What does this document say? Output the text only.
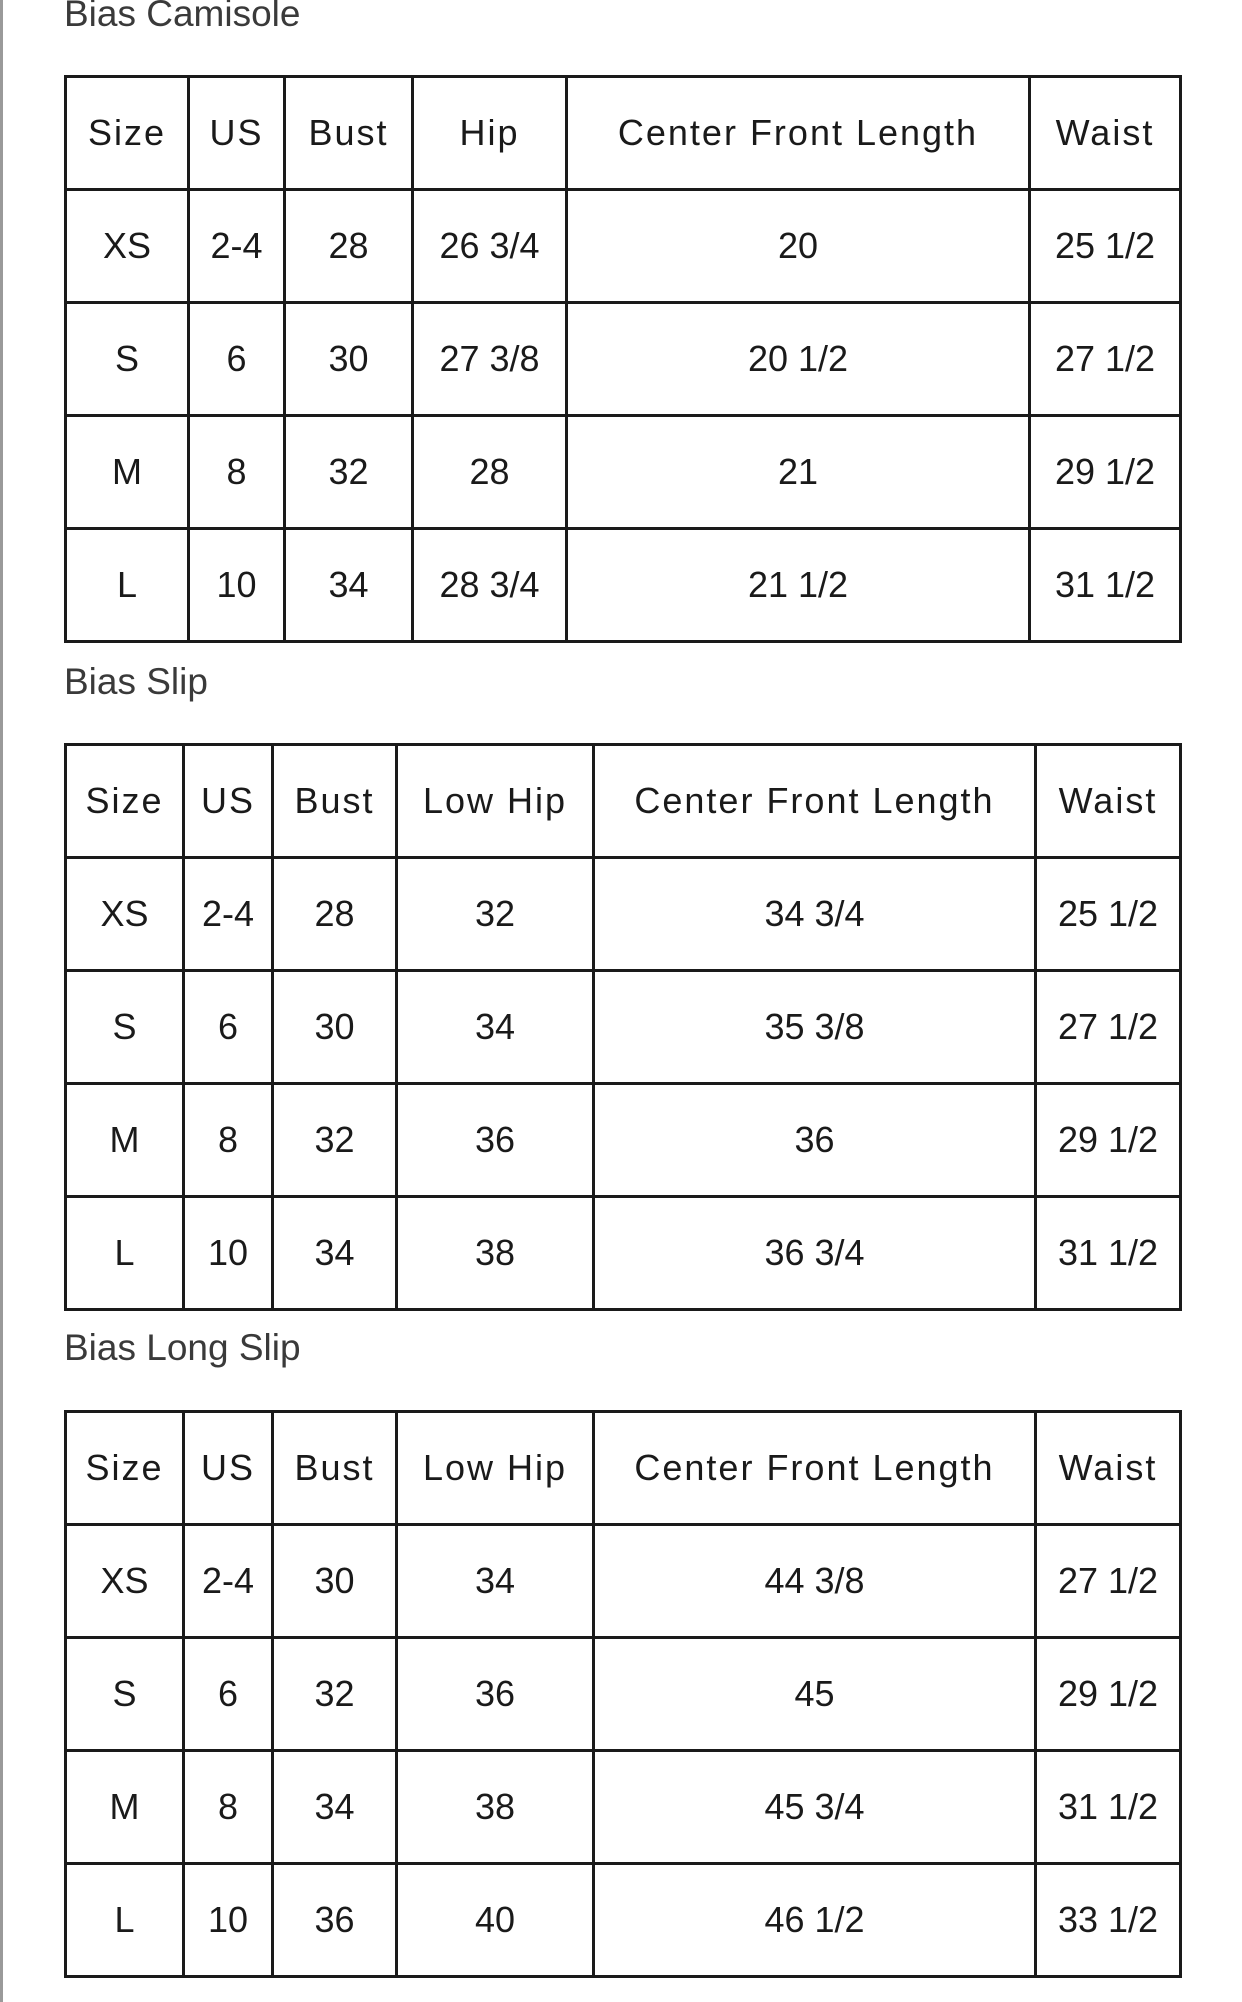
Bias Camisole
Size	US	Bust	Hip	Center Front Length	Waist
XS	2-4	28	26 3/4	20	25 1/2
S	6	30	27 3/8	20 1/2	27 1/2
M	8	32	28	21	29 1/2
L	10	34	28 3/4	21 1/2	31 1/2
Bias Slip
Size	US	Bust	Low Hip	Center Front Length	Waist
XS	2-4	28	32	34 3/4	25 1/2
S	6	30	34	35 3/8	27 1/2
M	8	32	36	36	29 1/2
L	10	34	38	36 3/4	31 1/2
Bias Long Slip
Size	US	Bust	Low Hip	Center Front Length	Waist
XS	2-4	30	34	44 3/8	27 1/2
S	6	32	36	45	29 1/2
M	8	34	38	45 3/4	31 1/2
L	10	36	40	46 1/2	33 1/2
